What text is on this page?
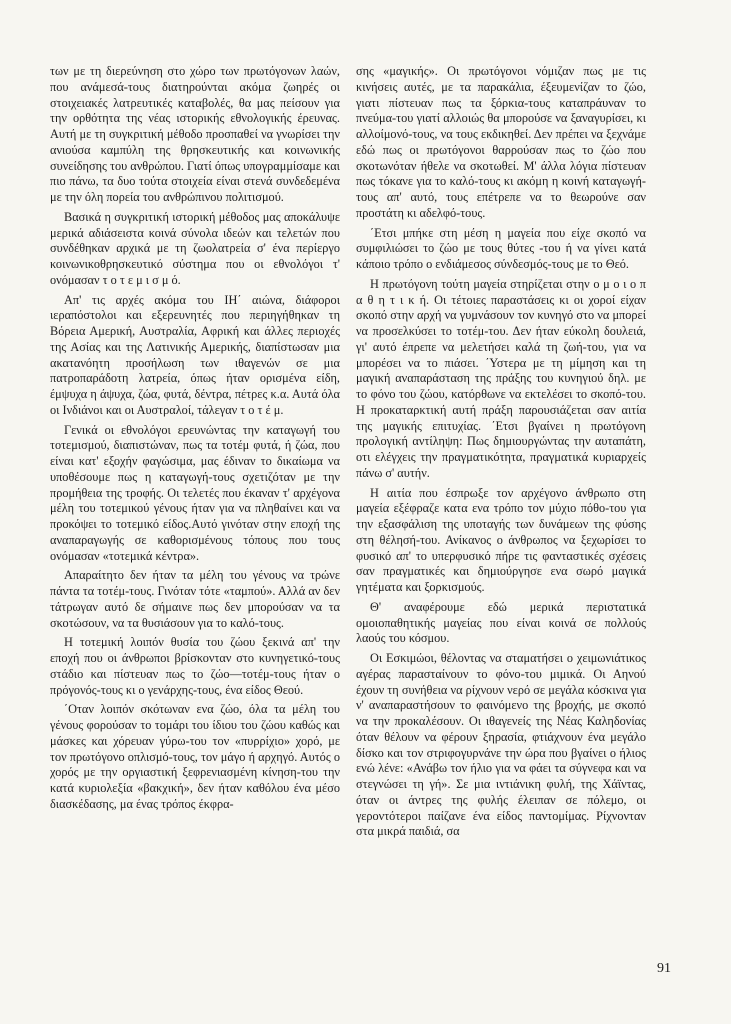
των με τη διερεύνηση στο χώρο των πρωτόγονων λαών, που ανάμεσά-τους διατηρούνται ακόμα ζωηρές οι στοιχειακές λατρευτικές καταβολές, θα μας πείσουν για την ορθότητα της νέας ιστορικής εθνολογικής έρευνας. Αυτή με τη συγκριτική μέθοδο προσπαθεί να γνωρίσει την ανιούσα καμπύλη της θρησκευτικής και κοινωνικής συνείδησης του ανθρώπου. Γιατί όπως υπογραμμίσαμε και πιο πάνω, τα δυο τούτα στοιχεία είναι στενά συνδεδεμένα με την όλη πορεία του ανθρώπινου πολιτισμού.

Βασικά η συγκριτική ιστορική μέθοδος μας αποκάλυψε μερικά αδιάσειστα κοινά σύνολα ιδεών και τελετών που συνδέθηκαν αρχικά με τη ζωολατρεία σ' ένα περίεργο κοινωνικοθρησκευτικό σύστημα που οι εθνολόγοι τ' ονόμασαν τ ο τ ε μ ι σ μ ό.

Απ' τις αρχές ακόμα του ΙΗ΄ αιώνα, διάφοροι ιεραπόστολοι και εξερευνητές που περιηγήθηκαν τη Βόρεια Αμερική, Αυστραλία, Αφρική και άλλες περιοχές της Ασίας και της Λατινικής Αμερικής, διαπίστωσαν μια ακατανόητη προσήλωση των ιθαγενών σε μια πατροπαράδοτη λατρεία, όπως ήταν ορισμένα είδη, έμψυχα η άψυχα, ζώα, φυτά, δέντρα, πέτρες κ.α. Αυτά όλα οι Ινδιάνοι και οι Αυστραλοί, τάλεγαν τ ο τ έ μ.

Γενικά οι εθνολόγοι ερευνώντας την καταγωγή του τοτεμισμού, διαπιστώναν, πως τα τοτέμ φυτά, ή ζώα, που είναι κατ' εξοχήν φαγώσιμα, μας έδιναν το δικαίωμα να υποθέσουμε πως η καταγωγή-τους σχετιζόταν με την προμήθεια της τροφής. Οι τελετές που έκαναν τ' αρχέγονα μέλη του τοτεμικού γένους ήταν για να πληθαίνει και να προκόψει το τοτεμικό είδος.Αυτό γινόταν στην εποχή της αναπαραγωγής σε καθορισμένους τόπους που τους ονόμασαν «τοτεμικά κέντρα».

Απαραίτητο δεν ήταν τα μέλη του γένους να τρώνε πάντα τα τοτέμ-τους. Γινόταν τότε «ταμπού». Αλλά αν δεν τάτρωγαν αυτό δε σήμαινε πως δεν μπορούσαν να τα σκοτώσουν, να τα θυσιάσουν για το καλό-τους.

Η τοτεμική λοιπόν θυσία του ζώου ξεκινά απ' την εποχή που οι άνθρωποι βρίσκονταν στο κυνηγετικό-τους στάδιο και πίστευαν πως το ζώο—τοτέμ-τους ήταν ο πρόγονός-τους κι ο γενάρχης-τους, ένα είδος Θεού.

΄Οταν λοιπόν σκότωναν ενα ζώο, όλα τα μέλη του γένους φορούσαν το τομάρι του ίδιου του ζώου καθώς και μάσκες και χόρευαν γύρω-του τον «πυρρίχιο» χορό, με τον πρωτόγονο οπλισμό-τους, τον μάγο ή αρχηγό. Αυτός ο χορός με την οργιαστική ξεφρενιασμένη κίνηση-του την κατά κυριολεξία «βακχική», δεν ήταν καθόλου ένα μέσο διασκέδασης, μα ένας τρόπος έκφρα-

σης «μαγικής». Οι πρωτόγονοι νόμιζαν πως με τις κινήσεις αυτές, με τα παρακάλια, έξευμενίζαν το ζώο, γιατι πίστευαν πως τα ξόρκια-τους καταπράυναν το πνεύμα-του γιατί αλλοιώς θα μπορούσε να ξαναγυρίσει, κι αλλοίμονό-τους, να τους εκδικηθεί. Δεν πρέπει να ξεχνάμε εδώ πως οι πρωτόγονοι θαρρούσαν πως το ζώο που σκοτωνόταν ήθελε να σκοτωθεί. Μ' άλλα λόγια πίστευαν πως τόκανε για το καλό-τους κι ακόμη η κοινή καταγωγή-τους απ' αυτό, τους επέτρεπε να το θεωρούνε σαν προστάτη κι αδελφό-τους.

΄Ετσι μπήκε στη μέση η μαγεία που είχε σκοπό να συμφιλιώσει το ζώο με τους θύτες -του ή να γίνει κατά κάποιο τρόπο ο ενδιάμεσος σύνδεσμός-τους με το Θεό.

Η πρωτόγονη τούτη μαγεία στηρίζεται στην ο μ ο ι ο π α θ η τ ι κ ή. Οι τέτοιες παραστάσεις κι οι χοροί είχαν σκοπό στην αρχή να γυμνάσουν τον κυνηγό στο να μπορεί να προσελκύσει το τοτέμ-του. Δεν ήταν εύκολη δουλειά, γι' αυτό έπρεπε να μελετήσει καλά τη ζωή-του, για να μπορέσει να το πιάσει. ΄Υστερα με τη μίμηση και τη μαγική αναπαράσταση της πράξης του κυνηγιού δηλ. με το φόνο του ζώου, κατόρθωνε να εκτελέσει το σκοπό-του. Η προκαταρκτική αυτή πράξη παρουσιάζεται σαν αιτία της μαγικής επιτυχίας. ΄Ετσι βγαίνει η πρωτόγονη προλογική αντίληψη: Πως δημιουργώντας την αυταπάτη, οτι ελέγχεις την πραγματικότητα, πραγματικά κυριαρχείς πάνω σ' αυτήν.

Η αιτία που έσπρωξε τον αρχέγονο άνθρωπο στη μαγεία εξέφραζε κατα ενα τρόπο τον μύχιο πόθο-του για την εξασφάλιση της υποταγής των δυνάμεων της φύσης στη θέλησή-του. Ανίκανος ο άνθρωπος να ξεχωρίσει το φυσικό απ' το υπερφυσικό πήρε τις φανταστικές σχέσεις σαν πραγματικές και δημιούργησε ενα σωρό μαγικά γητέματα και ξορκισμούς.

Θ' αναφέρουμε εδώ μερικά περιστατικά ομοιοπαθητικής μαγείας που είναι κοινά σε πολλούς λαούς του κόσμου.

Οι Εσκιμώοι, θέλοντας να σταματήσει ο χειμωνιάτικος αγέρας παρασταίνουν το φόνο-του μιμικά. Οι Αηνού έχουν τη συνήθεια να ρίχνουν νερό σε μεγάλα κόσκινα για ν' αναπαραστήσουν το φαινόμενο της βροχής, με σκοπό να την προκαλέσουν. Οι ιθαγενείς της Νέας Καληδονίας όταν θέλουν να φέρουν ξηρασία, φτιάχνουν ένα μεγάλο δίσκο και τον στριφογυρνάνε την ώρα που βγαίνει ο ήλιος ενώ λένε: «Ανάβω τον ήλιο για να φάει τα σύγνεφα και να στεγνώσει τη γή». Σε μια ιντιάνικη φυλή, της Χάϊντας, όταν οι άντρες της φυλής έλειπαν σε πόλεμο, οι γεροντότεροι παίζανε ένα είδος παντομίμας. Ρίχνονταν στα μικρά παιδιά, σα

91
